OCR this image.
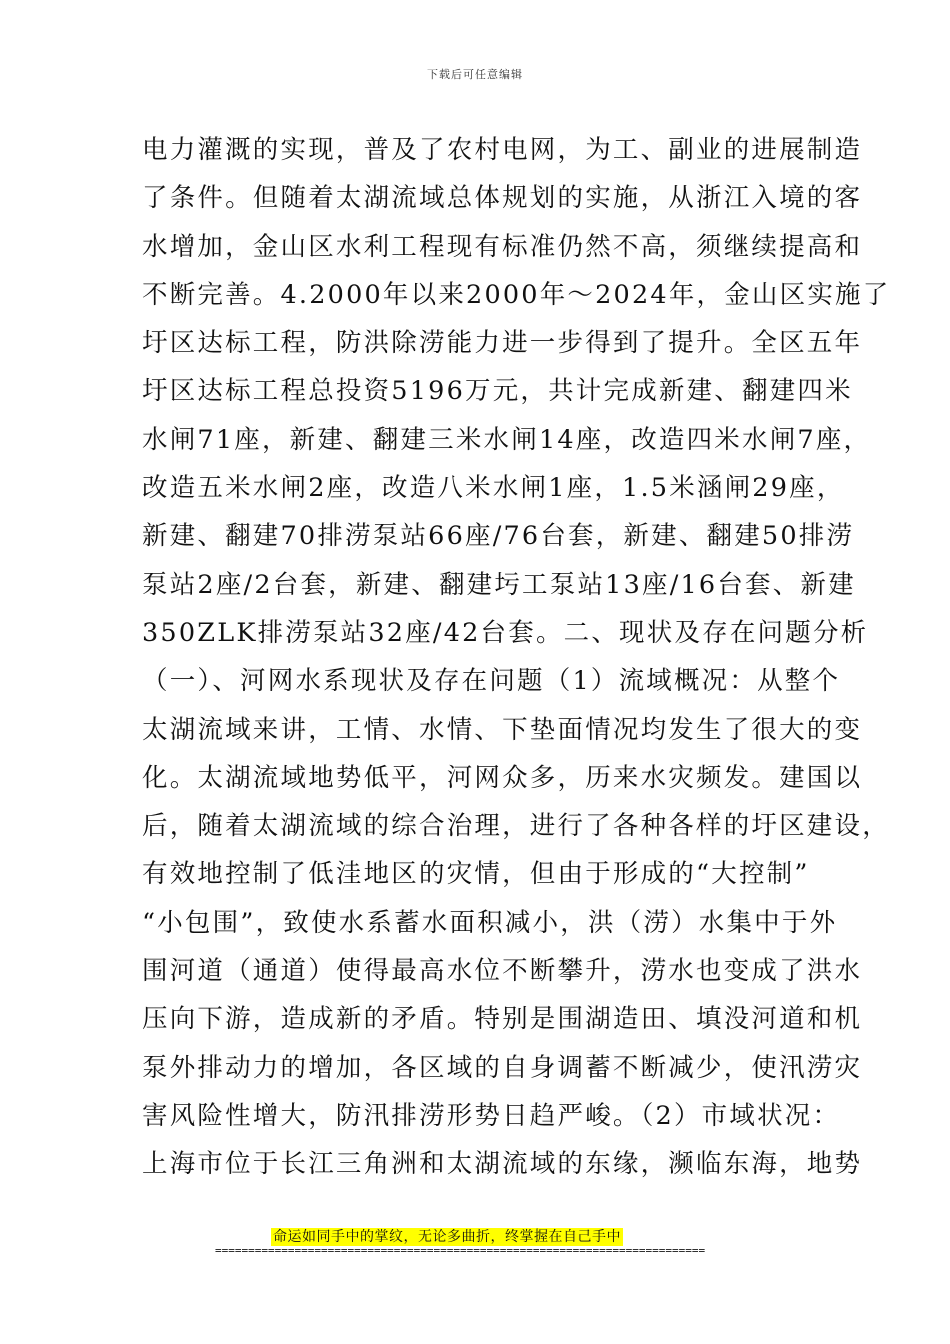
下载后可任意编辑
电力灌溉的实现，普及了农村电网，为工、副业的进展制造
了条件。但随着太湖流域总体规划的实施，从浙江入境的客
水增加，金山区水利工程现有标准仍然不高，须继续提高和
不断完善。4.2000年以来2000年～2024年，金山区实施了
圩区达标工程，防洪除涝能力进一步得到了提升。全区五年
圩区达标工程总投资5196万元，共计完成新建、翻建四米
水闸71座，新建、翻建三米水闸14座，改造四米水闸7座，
改造五米水闸2座，改造八米水闸1座，1.5米涵闸29座，
新建、翻建70排涝泵站66座/76台套，新建、翻建50排涝
泵站2座/2台套，新建、翻建圬工泵站13座/16台套、新建
350ZLK排涝泵站32座/42台套。二、现状及存在问题分析
（一）、河网水系现状及存在问题（1）流域概况：从整个
太湖流域来讲，工情、水情、下垫面情况均发生了很大的变
化。太湖流域地势低平，河网众多，历来水灾频发。建国以
后，随着太湖流域的综合治理，进行了各种各样的圩区建设，
有效地控制了低洼地区的灾情，但由于形成的“大控制”
“小包围”，致使水系蓄水面积减小，洪（涝）水集中于外
围河道（通道）使得最高水位不断攀升，涝水也变成了洪水
压向下游，造成新的矛盾。特别是围湖造田、填没河道和机
泵外排动力的增加，各区域的自身调蓄不断减少，使汛涝灾
害风险性增大，防汛排涝形势日趋严峻。（2）市域状况：
上海市位于长江三角洲和太湖流域的东缘，濒临东海，地势
命运如同手中的掌纹，无论多曲折，终掌握在自己手中
==========================================================================
